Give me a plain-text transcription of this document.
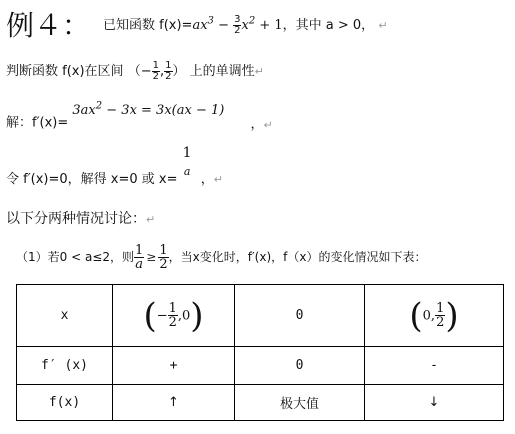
例４： 已知函数 $f(x)=ax^3 - \frac{3}{2} x^2 + 1$，其中 a > 0， ↵
判断函数 f(x)在区间 （− $\frac{1}{2}$ , $\frac{1}{2}$ ） 上的单调性↵
解：$f'(x)= 3ax^2 - 3x = 3x(ax - 1)$ ，$_↵$
令 f′(x)=0，解得 x=0 或 x=
1
a
，$_↵$
以下分两种情况讨论：↵
（1）若0 < a≤2，则 $\frac{1}{a} \ge \frac{1}{2}$ ，当x变化时，f′(x)，f（x）的变化情况如下表：
x	(− $\frac{1}{2} ,0$)	0	(0, $\frac{1}{2}$ )
f′ (x)	+	0	-
f(x)	↑	极大值	↓
